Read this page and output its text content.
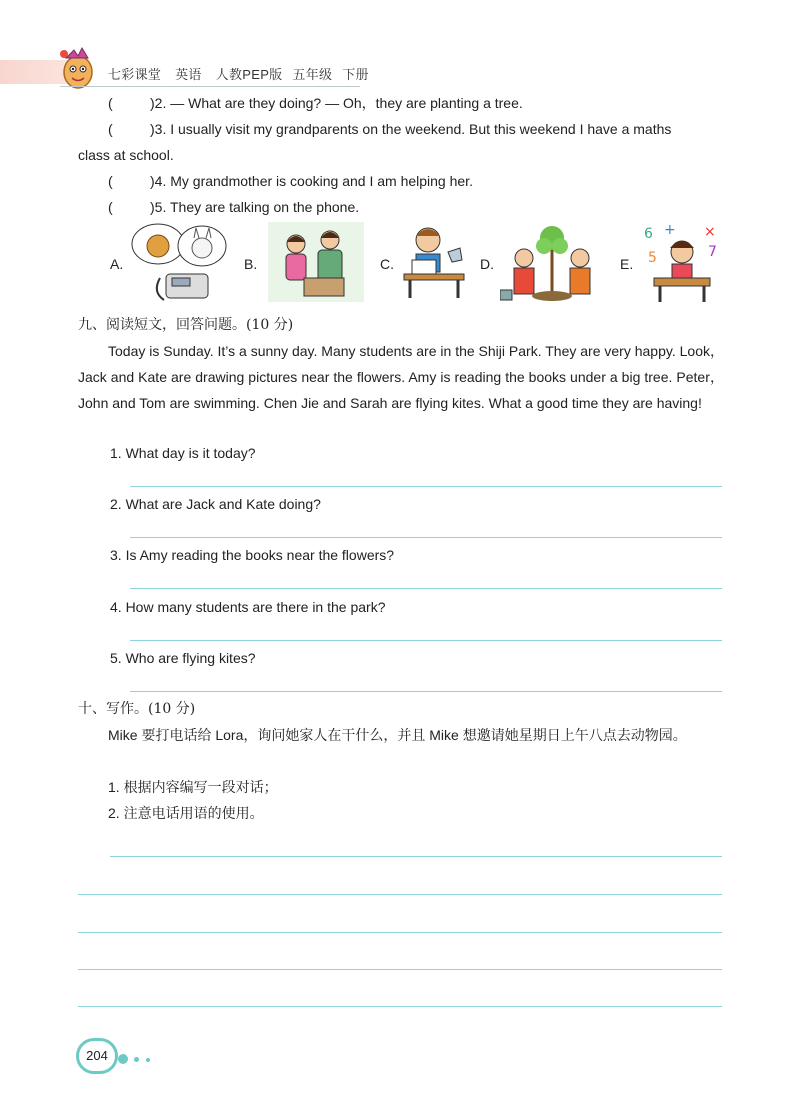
七彩课堂 英语 人教PEP版 五年级 下册
(	)2. — What are they doing? — Oh，they are planting a tree.
(	)3. I usually visit my grandparents on the weekend. But this weekend I have a maths
class at school.
(	)4. My grandmother is cooking and I am helping her.
(	)5. They are talking on the phone.
A.	B.	C.	D.	E.
6 + ×
5	7
九、阅读短文，回答问题。(10 分)
Today is Sunday. It’s a sunny day. Many students are in the Shiji Park. They are very happy. Look，Jack and Kate are drawing pictures near the flowers. Amy is reading the books under a big tree. Peter，John and Tom are swimming. Chen Jie and Sarah are flying kites. What a good time they are having!
1. What day is it today?
2. What are Jack and Kate doing?
3. Is Amy reading the books near the flowers?
4. How many students are there in the park?
5. Who are flying kites?
十、写作。(10 分)
Mike 要打电话给 Lora，询问她家人在干什么，并且 Mike 想邀请她星期日上午八点去动物园。
1. 根据内容编写一段对话；
2. 注意电话用语的使用。
204
